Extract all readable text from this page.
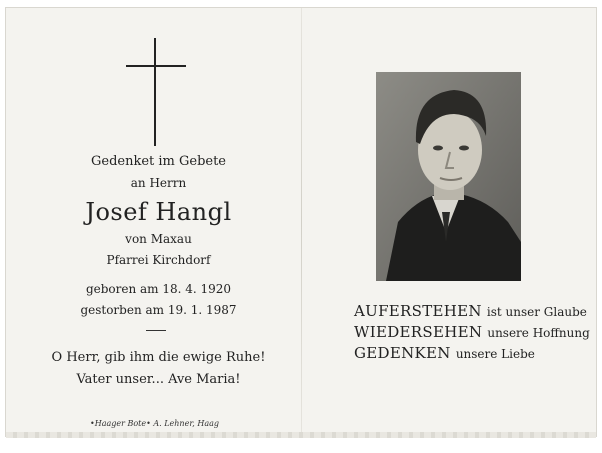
Gedenket im Gebete
an Herrn
Josef Hangl
von Maxau
Pfarrei Kirchdorf
geboren am 18. 4. 1920
gestorben am 19. 1. 1987
O Herr, gib ihm die ewige Ruhe!
Vater unser... Ave Maria!
•Haager Bote• A. Lehner, Haag
AUFERSTEHEN ist unser Glaube
WIEDERSEHEN unsere Hoffnung
GEDENKEN unsere Liebe
